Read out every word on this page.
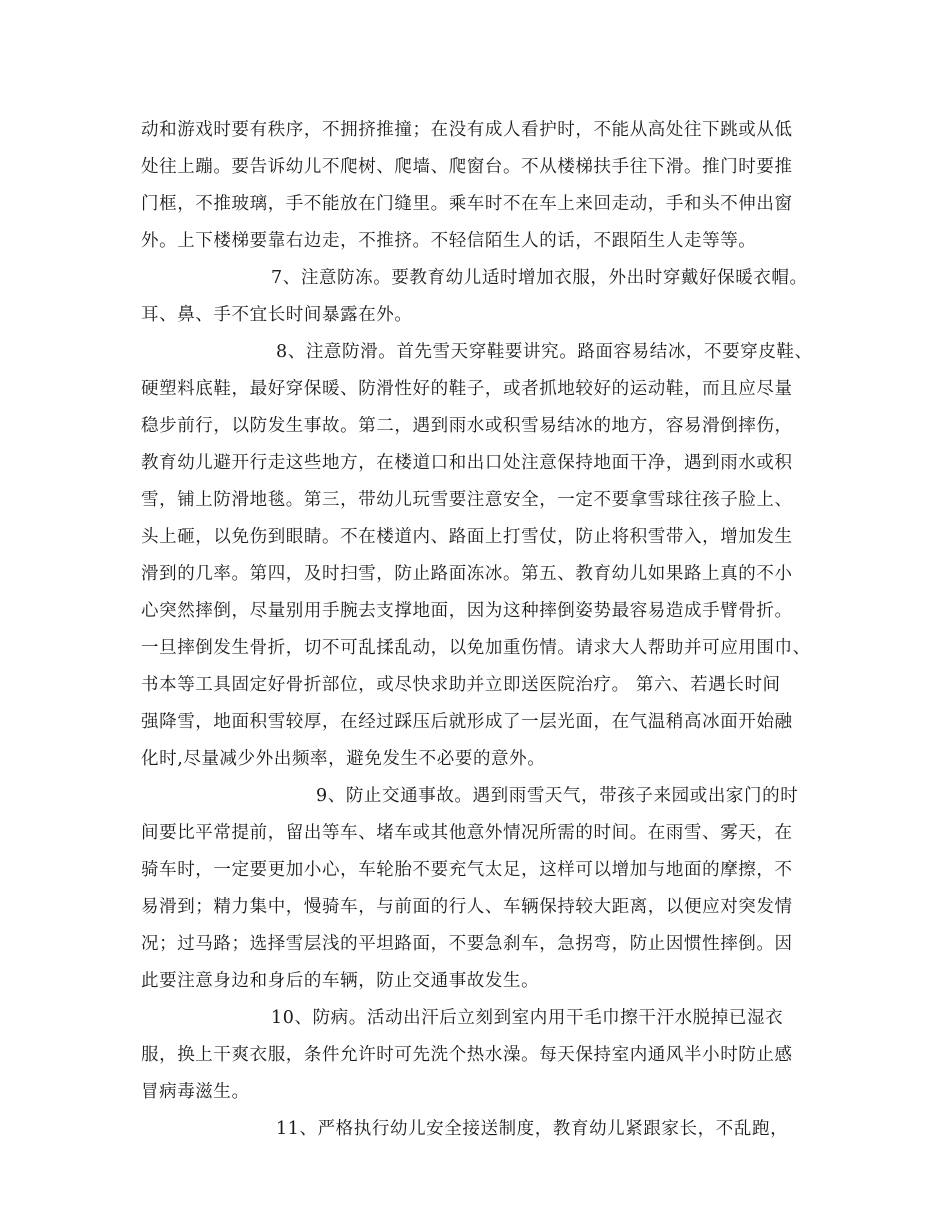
动和游戏时要有秩序，不拥挤推撞；在没有成人看护时，不能从高处往下跳或从低
处往上蹦。要告诉幼儿不爬树、爬墙、爬窗台。不从楼梯扶手往下滑。推门时要推
门框，不推玻璃，手不能放在门缝里。乘车时不在车上来回走动，手和头不伸出窗
外。上下楼梯要靠右边走，不推挤。不轻信陌生人的话，不跟陌生人走等等。
7、注意防冻。要教育幼儿适时增加衣服，外出时穿戴好保暖衣帽。
耳、鼻、手不宜长时间暴露在外。
8、注意防滑。首先雪天穿鞋要讲究。路面容易结冰，不要穿皮鞋、
硬塑料底鞋，最好穿保暖、防滑性好的鞋子，或者抓地较好的运动鞋，而且应尽量
稳步前行，以防发生事故。第二，遇到雨水或积雪易结冰的地方，容易滑倒摔伤，
教育幼儿避开行走这些地方，在楼道口和出口处注意保持地面干净，遇到雨水或积
雪，铺上防滑地毯。第三，带幼儿玩雪要注意安全，一定不要拿雪球往孩子脸上、
头上砸，以免伤到眼睛。不在楼道内、路面上打雪仗，防止将积雪带入，增加发生
滑到的几率。第四，及时扫雪，防止路面冻冰。第五、教育幼儿如果路上真的不小
心突然摔倒，尽量别用手腕去支撑地面，因为这种摔倒姿势最容易造成手臂骨折。
一旦摔倒发生骨折，切不可乱揉乱动，以免加重伤情。请求大人帮助并可应用围巾、
书本等工具固定好骨折部位，或尽快求助并立即送医院治疗。 第六、若遇长时间
强降雪，地面积雪较厚，在经过踩压后就形成了一层光面，在气温稍高冰面开始融
化时,尽量减少外出频率，避免发生不必要的意外。
9、防止交通事故。遇到雨雪天气，带孩子来园或出家门的时
间要比平常提前，留出等车、堵车或其他意外情况所需的时间。在雨雪、雾天，在
骑车时，一定要更加小心，车轮胎不要充气太足，这样可以增加与地面的摩擦，不
易滑到；精力集中，慢骑车，与前面的行人、车辆保持较大距离，以便应对突发情
况；过马路；选择雪层浅的平坦路面，不要急刹车，急拐弯，防止因惯性摔倒。因
此要注意身边和身后的车辆，防止交通事故发生。
10、防病。活动出汗后立刻到室内用干毛巾擦干汗水脱掉已湿衣
服，换上干爽衣服，条件允许时可先洗个热水澡。每天保持室内通风半小时防止感
冒病毒滋生。
11、严格执行幼儿安全接送制度，教育幼儿紧跟家长，不乱跑，
